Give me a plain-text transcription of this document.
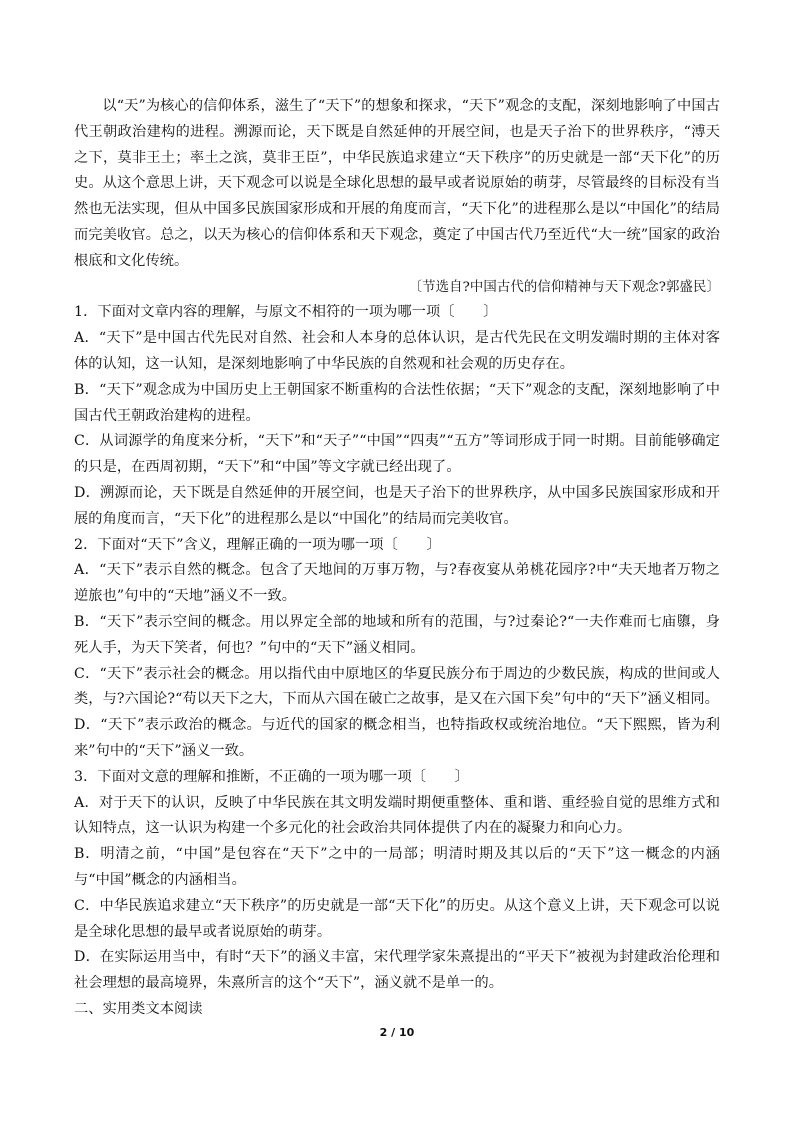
以“天”为核心的信仰体系，滋生了“天下”的想象和探求，“天下”观念的支配，深刻地影响了中国古代王朝政治建构的进程。溯源而论，天下既是自然延伸的开展空间，也是天子治下的世界秩序，“溥天之下，莫非王土；率土之滨，莫非王臣”，中华民族追求建立“天下秩序”的历史就是一部“天下化”的历史。从这个意思上讲，天下观念可以说是全球化思想的最早或者说原始的萌芽，尽管最终的目标没有当然也无法实现，但从中国多民族国家形成和开展的角度而言，“天下化”的进程那么是以“中国化”的结局而完美收官。总之，以天为核心的信仰体系和天下观念，奠定了中国古代乃至近代“大一统”国家的政治根底和文化传统。

〔节选自?中国古代的信仰精神与天下观念?郭盛民〕

1．下面对文章内容的理解，与原文不相符的一项为哪一项〔　　〕

A．“天下”是中国古代先民对自然、社会和人本身的总体认识，是古代先民在文明发端时期的主体对客体的认知，这一认知，是深刻地影响了中华民族的自然观和社会观的历史存在。

B．“天下”观念成为中国历史上王朝国家不断重构的合法性依据；“天下”观念的支配，深刻地影响了中国古代王朝政治建构的进程。

C．从词源学的角度来分析，“天下”和“天子”“中国”“四夷”“五方”等词形成于同一时期。目前能够确定的只是，在西周初期，“天下”和“中国”等文字就已经出现了。

D．溯源而论，天下既是自然延伸的开展空间，也是天子治下的世界秩序，从中国多民族国家形成和开展的角度而言，“天下化”的进程那么是以“中国化”的结局而完美收官。

2．下面对“天下”含义，理解正确的一项为哪一项〔　　〕

A．“天下”表示自然的概念。包含了天地间的万事万物，与?春夜宴从弟桃花园序?中“夫天地者万物之逆旅也”句中的“天地”涵义不一致。

B．“天下”表示空间的概念。用以界定全部的地域和所有的范围，与?过秦论?“一夫作难而七庙隳，身死人手，为天下笑者，何也？”句中的“天下”涵义相同。

C．“天下”表示社会的概念。用以指代由中原地区的华夏民族分布于周边的少数民族，构成的世间或人类，与?六国论?“苟以天下之大，下而从六国在破亡之故事，是又在六国下矣”句中的“天下”涵义相同。

D．“天下”表示政治的概念。与近代的国家的概念相当，也特指政权或统治地位。“天下熙熙，皆为利来”句中的“天下”涵义一致。

3．下面对文意的理解和推断，不正确的一项为哪一项〔　　〕

A．对于天下的认识，反映了中华民族在其文明发端时期便重整体、重和谐、重经验自觉的思维方式和认知特点，这一认识为构建一个多元化的社会政治共同体提供了内在的凝聚力和向心力。

B．明清之前，“中国”是包容在“天下”之中的一局部；明清时期及其以后的“天下”这一概念的内涵与“中国”概念的内涵相当。

C．中华民族追求建立“天下秩序”的历史就是一部“天下化”的历史。从这个意义上讲，天下观念可以说是全球化思想的最早或者说原始的萌芽。

D．在实际运用当中，有时“天下”的涵义丰富，宋代理学家朱熹提出的“平天下”被视为封建政治伦理和社会理想的最高境界，朱熹所言的这个“天下”，涵义就不是单一的。

二、实用类文本阅读

2 / 10
